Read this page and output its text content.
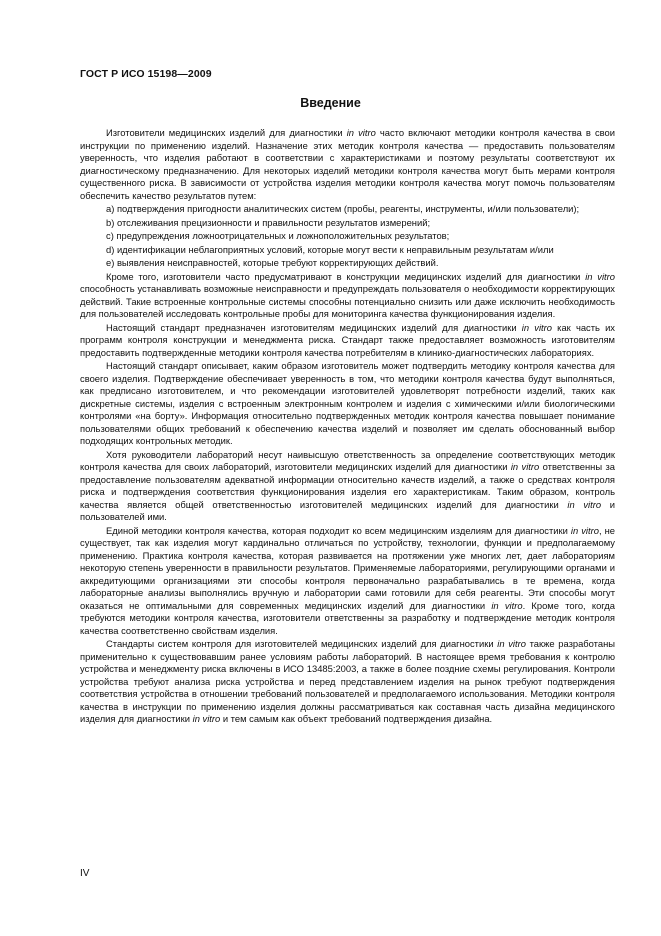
ГОСТ Р ИСО 15198—2009
Введение

Изготовители медицинских изделий для диагностики in vitro часто включают методики контроля качества в свои инструкции по применению изделий. Назначение этих методик контроля качества — предоставить пользователям уверенность, что изделия работают в соответствии с характеристиками и поэтому результаты соответствуют их диагностическому предназначению. Для некоторых изделий методики контроля качества могут быть мерами контроля существенного риска. В зависимости от устройства изделия методики контроля качества могут помочь пользователям обеспечить качество результатов путем:

а) подтверждения пригодности аналитических систем (пробы, реагенты, инструменты, и/или пользователи);

b) отслеживания прецизионности и правильности результатов измерений;

c) предупреждения ложноотрицательных и ложноположительных результатов;

d) идентификации неблагоприятных условий, которые могут вести к неправильным результатам и/или

e) выявления неисправностей, которые требуют корректирующих действий.

Кроме того, изготовители часто предусматривают в конструкции медицинских изделий для диагностики in vitro способность устанавливать возможные неисправности и предупреждать пользователя о необходимости корректирующих действий. Такие встроенные контрольные системы способны потенциально снизить или даже исключить необходимость для пользователей исследовать контрольные пробы для мониторинга качества функционирования изделия.

Настоящий стандарт предназначен изготовителям медицинских изделий для диагностики in vitro как часть их программ контроля конструкции и менеджмента риска. Стандарт также предоставляет возможность изготовителям предоставить подтвержденные методики контроля качества потребителям в клинико-диагностических лабораториях.

Настоящий стандарт описывает, каким образом изготовитель может подтвердить методику контроля качества для своего изделия. Подтверждение обеспечивает уверенность в том, что методики контроля качества будут выполняться, как предписано изготовителем, и что рекомендации изготовителей удовлетворят потребности изделий, таких как дискретные системы, изделия с встроенным электронным контролем и изделия с химическими и/или биологическими контролями «на борту». Информация относительно подтвержденных методик контроля качества повышает понимание пользователями общих требований к обеспечению качества изделий и позволяет им сделать обоснованный выбор подходящих контрольных методик.

Хотя руководители лабораторий несут наивысшую ответственность за определение соответствующих методик контроля качества для своих лабораторий, изготовители медицинских изделий для диагностики in vitro ответственны за предоставление пользователям адекватной информации относительно качеств изделий, а также о средствах контроля риска и подтверждения соответствия функционирования изделия его характеристикам. Таким образом, контроль качества является общей ответственностью изготовителей медицинских изделий для диагностики in vitro и пользователей ими.

Единой методики контроля качества, которая подходит ко всем медицинским изделиям для диагностики in vitro, не существует, так как изделия могут кардинально отличаться по устройству, технологии, функции и предполагаемому применению. Практика контроля качества, которая развивается на протяжении уже многих лет, дает лабораториям некоторую степень уверенности в правильности результатов. Применяемые лабораториями, регулирующими органами и аккредитующими организациями эти способы контроля первоначально разрабатывались в те времена, когда лабораторные анализы выполнялись вручную и лаборатории сами готовили для себя реагенты. Эти способы могут оказаться не оптимальными для современных медицинских изделий для диагностики in vitro. Кроме того, когда требуются методики контроля качества, изготовители ответственны за разработку и подтверждение методик контроля качества соответственно свойствам изделия.

Стандарты систем контроля для изготовителей медицинских изделий для диагностики in vitro также разработаны применительно к существовавшим ранее условиям работы лабораторий. В настоящее время требования к контролю устройства и менеджменту риска включены в ИСО 13485:2003, а также в более поздние схемы регулирования. Контроли устройства требуют анализа риска устройства и перед представлением изделия на рынок требуют подтверждения соответствия устройства в отношении требований пользователей и предполагаемого использования. Методики контроля качества в инструкции по применению изделия должны рассматриваться как составная часть дизайна медицинского изделия для диагностики in vitro и тем самым как объект требований подтверждения дизайна.

IV
